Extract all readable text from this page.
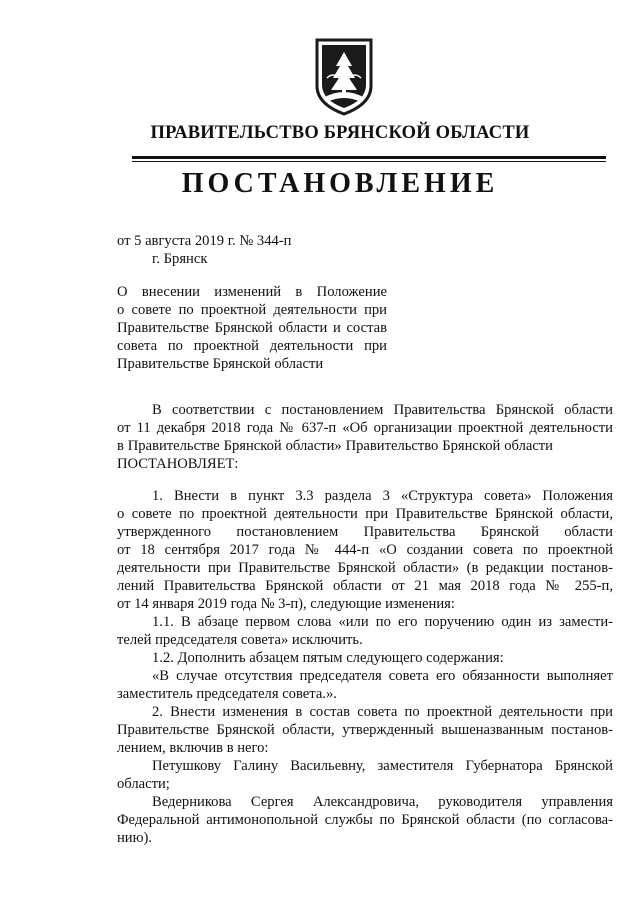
ПРАВИТЕЛЬСТВО БРЯНСКОЙ ОБЛАСТИ
ПОСТАНОВЛЕНИЕ
от 5 августа 2019 г. № 344-п
г. Брянск
О внесении изменений в Положение
о совете по проектной деятельности при
Правительстве Брянской области и состав
совета по проектной деятельности при
Правительстве Брянской области
В соответствии с постановлением Правительства Брянской области
от 11 декабря 2018 года № 637-п «Об организации проектной деятельности
в Правительстве Брянской области» Правительство Брянской области
ПОСТАНОВЛЯЕТ:
1. Внести в пункт 3.3 раздела 3 «Структура совета» Положения
о совете по проектной деятельности при Правительстве Брянской области,
утвержденного постановлением Правительства Брянской области
от 18 сентября 2017 года № 444-п «О создании совета по проектной
деятельности при Правительстве Брянской области» (в редакции постанов-
лений Правительства Брянской области от 21 мая 2018 года № 255-п,
от 14 января 2019 года № 3-п), следующие изменения:
1.1. В абзаце первом слова «или по его поручению один из замести-
телей председателя совета» исключить.
1.2. Дополнить абзацем пятым следующего содержания:
«В случае отсутствия председателя совета его обязанности выполняет
заместитель председателя совета.».
2. Внести изменения в состав совета по проектной деятельности при
Правительстве Брянской области, утвержденный вышеназванным постанов-
лением, включив в него:
Петушкову Галину Васильевну, заместителя Губернатора Брянской
области;
Ведерникова Сергея Александровича, руководителя управления
Федеральной антимонопольной службы по Брянской области (по согласова-
нию).
